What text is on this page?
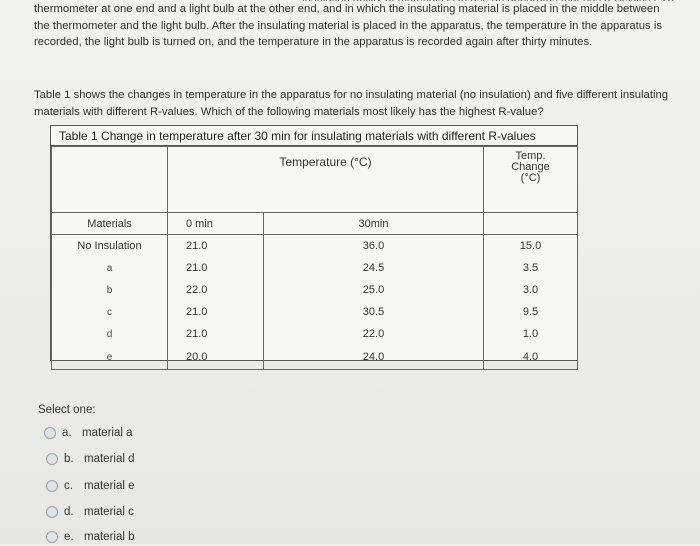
thermometer at one end and a light bulb at the other end, and in which the insulating material is placed in the middle between the thermometer and the light bulb. After the insulating material is placed in the apparatus, the temperature in the apparatus is recorded, the light bulb is turned on, and the temperature in the apparatus is recorded again after thirty minutes.
Table 1 shows the changes in temperature in the apparatus for no insulating material (no insulation) and five different insulating materials with different R-values. Which of the following materials most likely has the highest R-value?
Table 1 Change in temperature after 30 min for insulating materials with different R-values
	Temperature (°C)		Temp.
Change
(°C)

Materials	0 min	30min	
No Insulation	21.0	36.0	15.0
a	21.0	24.5	3.5
b	22.0	25.0	3.0
c	21.0	30.5	9.5
d	21.0	22.0	1.0
e	20.0	24.0	4.0
Select one:
a. material a
b. material d
c. material e
d. material c
e. material b
